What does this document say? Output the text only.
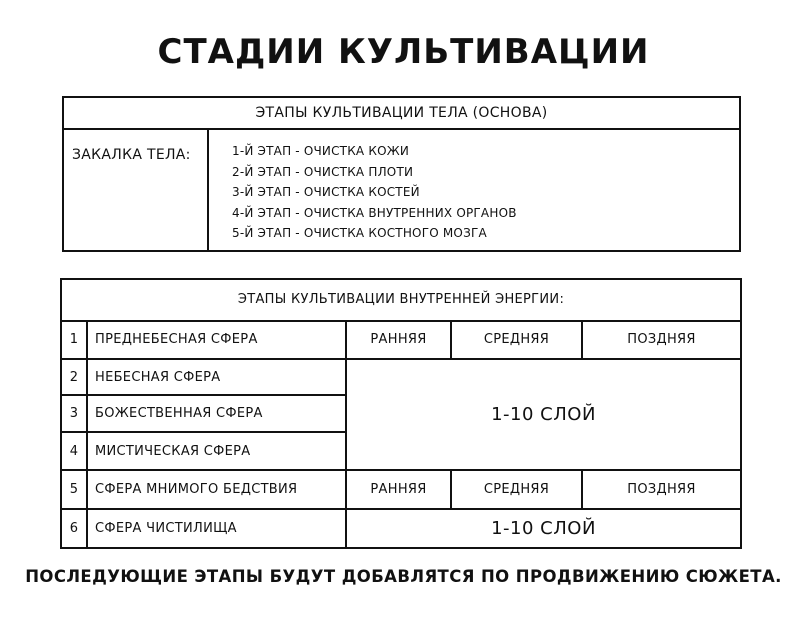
СТАДИИ КУЛЬТИВАЦИИ
ЭТАПЫ КУЛЬТИВАЦИИ ТЕЛА (ОСНОВА)
ЗАКАЛКА ТЕЛА:	1-Й ЭТАП - ОЧИСТКА КОЖИ
2-Й ЭТАП - ОЧИСТКА ПЛОТИ
3-Й ЭТАП - ОЧИСТКА КОСТЕЙ
4-Й ЭТАП - ОЧИСТКА ВНУТРЕННИХ ОРГАНОВ
5-Й ЭТАП - ОЧИСТКА КОСТНОГО МОЗГА
ЭТАПЫ КУЛЬТИВАЦИИ ВНУТРЕННЕЙ ЭНЕРГИИ:
1	ПРЕДНЕБЕСНАЯ СФЕРА	РАННЯЯ	СРЕДНЯЯ	ПОЗДНЯЯ
2	НЕБЕСНАЯ СФЕРА
3	БОЖЕСТВЕННАЯ СФЕРА
4	МИСТИЧЕСКАЯ СФЕРА
1-10 СЛОЙ
5	СФЕРА МНИМОГО БЕДСТВИЯ	РАННЯЯ	СРЕДНЯЯ	ПОЗДНЯЯ
6	СФЕРА ЧИСТИЛИЩА	1-10 СЛОЙ
ПОСЛЕДУЮЩИЕ ЭТАПЫ БУДУТ ДОБАВЛЯТСЯ ПО ПРОДВИЖЕНИЮ СЮЖЕТА.
